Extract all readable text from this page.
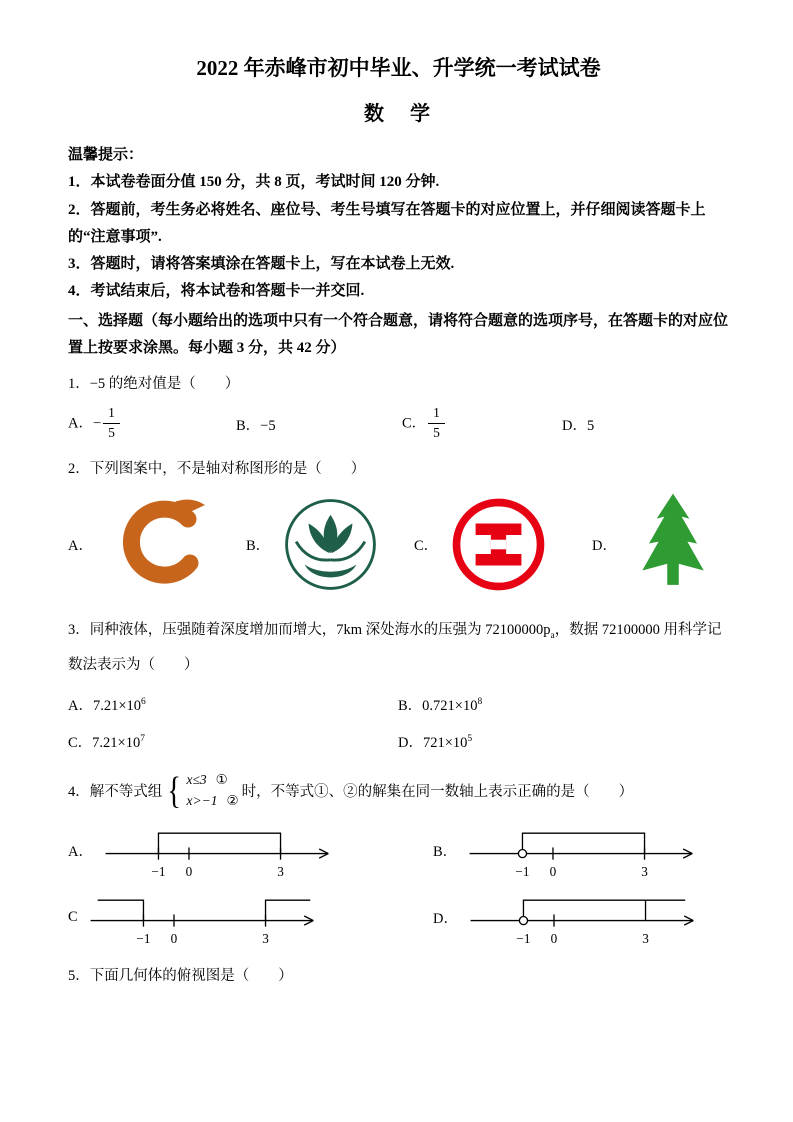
2022 年赤峰市初中毕业、升学统一考试试卷
数　学

温馨提示：

1．本试卷卷面分值 150 分，共 8 页，考试时间 120 分钟.

2．答题前，考生务必将姓名、座位号、考生号填写在答题卡的对应位置上，并仔细阅读答题卡上的“注意事项”.

3．答题时，请将答案填涂在答题卡上，写在本试卷上无效.

4．考试结束后，将本试卷和答题卡一并交回.

一、选择题（每小题给出的选项中只有一个符合题意，请将符合题意的选项序号，在答题卡的对应位置上按要求涂黑。每小题 3 分，共 42 分）

1．−5 的绝对值是（　　）

A．− $\frac{1}{5}$	B．−5	C． $\frac{1}{5}$	D．5

2．下列图案中，不是轴对称图形的是（　　）

A．	B．	C．	D．

3．同种液体，压强随着深度增加而增大，7km 深处海水的压强为 $72100000p_a$，数据 72100000 用科学记数法表示为（　　）

A．$7.21\times 10^6$	B．$0.721\times 10^8$
C．$7.21\times 10^7$	D．$721\times 10^5$
4．解不等式组 { x≤3 ①
x>−1 ② 时，不等式①、②的解集在同一数轴上表示正确的是（　　）
A．
−1 0	3
B．
−1 0	3
C
−1 0	3
D．
−1 0	3

5．下面几何体的俯视图是（　　）
